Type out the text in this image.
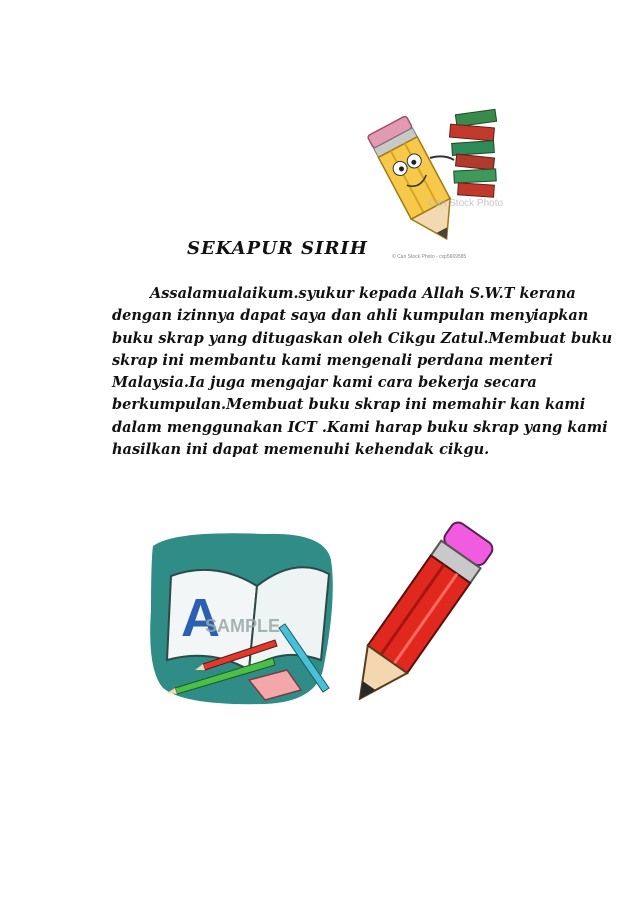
Can Stock Photo
© Can Stock Photo - csp5669585
SEKAPUR SIRIH
Assalamualaikum.syukur kepada Allah S.W.T kerana
dengan izinnya dapat saya dan ahli kumpulan menyiapkan
buku skrap yang ditugaskan oleh Cikgu Zatul.Membuat buku
skrap ini membantu kami mengenali perdana menteri
Malaysia.Ia juga mengajar kami cara bekerja secara
berkumpulan.Membuat buku skrap ini memahir kan kami
dalam menggunakan ICT .Kami harap buku skrap yang kami
hasilkan ini dapat memenuhi kehendak cikgu.
A
SAMPLE
